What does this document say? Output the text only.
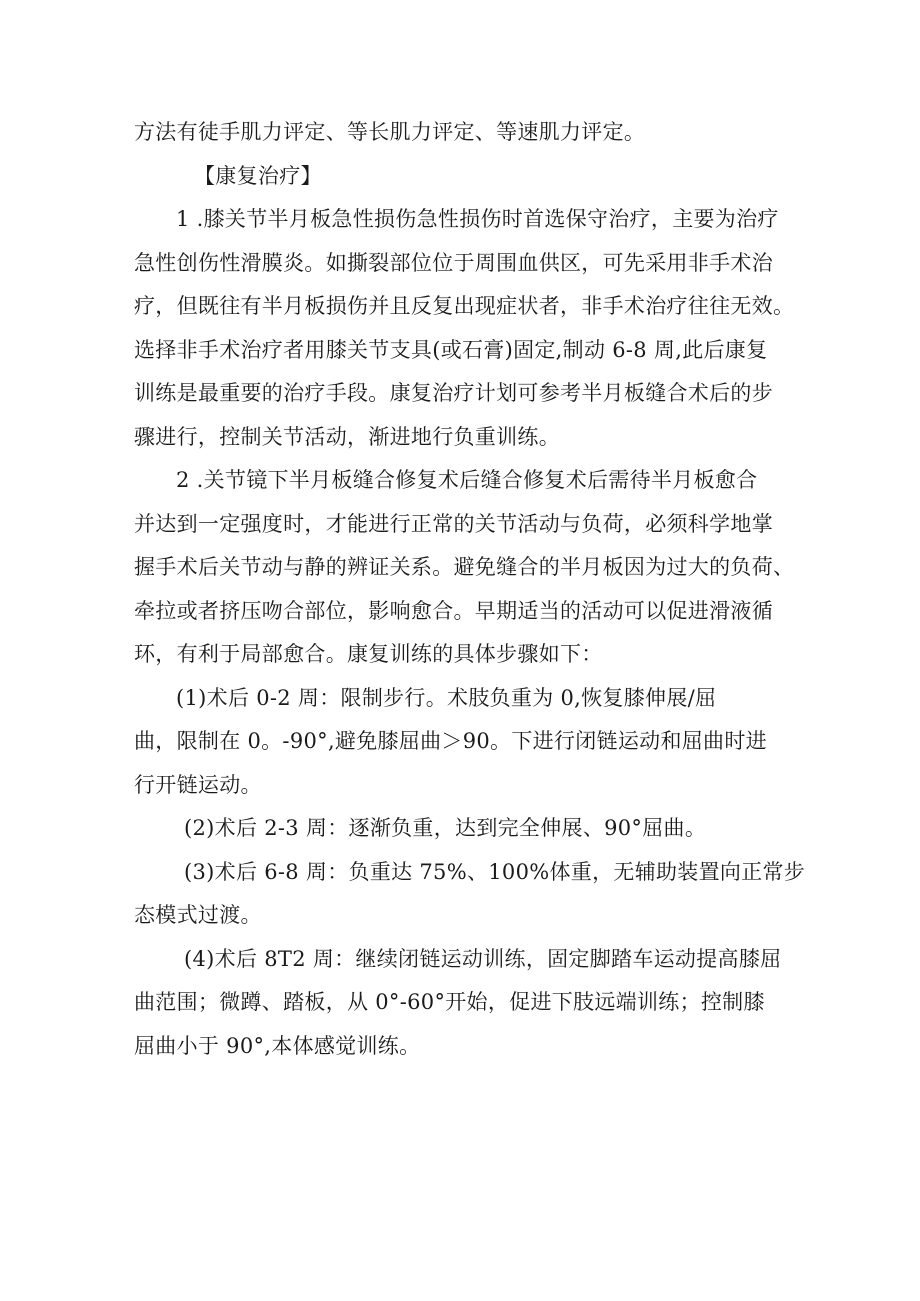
方法有徒手肌力评定、等长肌力评定、等速肌力评定。
【康复治疗】
1 .膝关节半月板急性损伤急性损伤时首选保守治疗，主要为治疗
急性创伤性滑膜炎。如撕裂部位位于周围血供区，可先采用非手术治
疗，但既往有半月板损伤并且反复出现症状者，非手术治疗往往无效。
选择非手术治疗者用膝关节支具(或石膏)固定,制动 6-8 周,此后康复
训练是最重要的治疗手段。康复治疗计划可参考半月板缝合术后的步
骤进行，控制关节活动，渐进地行负重训练。
2 .关节镜下半月板缝合修复术后缝合修复术后需待半月板愈合
并达到一定强度时，才能进行正常的关节活动与负荷，必须科学地掌
握手术后关节动与静的辨证关系。避免缝合的半月板因为过大的负荷、
牵拉或者挤压吻合部位，影响愈合。早期适当的活动可以促进滑液循
环，有利于局部愈合。康复训练的具体步骤如下：
(1)术后 0-2 周：限制步行。术肢负重为 0,恢复膝伸展/屈
曲，限制在 0。-90°,避免膝屈曲＞90。下进行闭链运动和屈曲时进
行开链运动。
(2)术后 2-3 周：逐渐负重，达到完全伸展、90°屈曲。
(3)术后 6-8 周：负重达 75%、100%体重，无辅助装置向正常步
态模式过渡。
(4)术后 8T2 周：继续闭链运动训练，固定脚踏车运动提高膝屈
曲范围；微蹲、踏板，从 0°-60°开始，促进下肢远端训练；控制膝
屈曲小于 90°,本体感觉训练。
